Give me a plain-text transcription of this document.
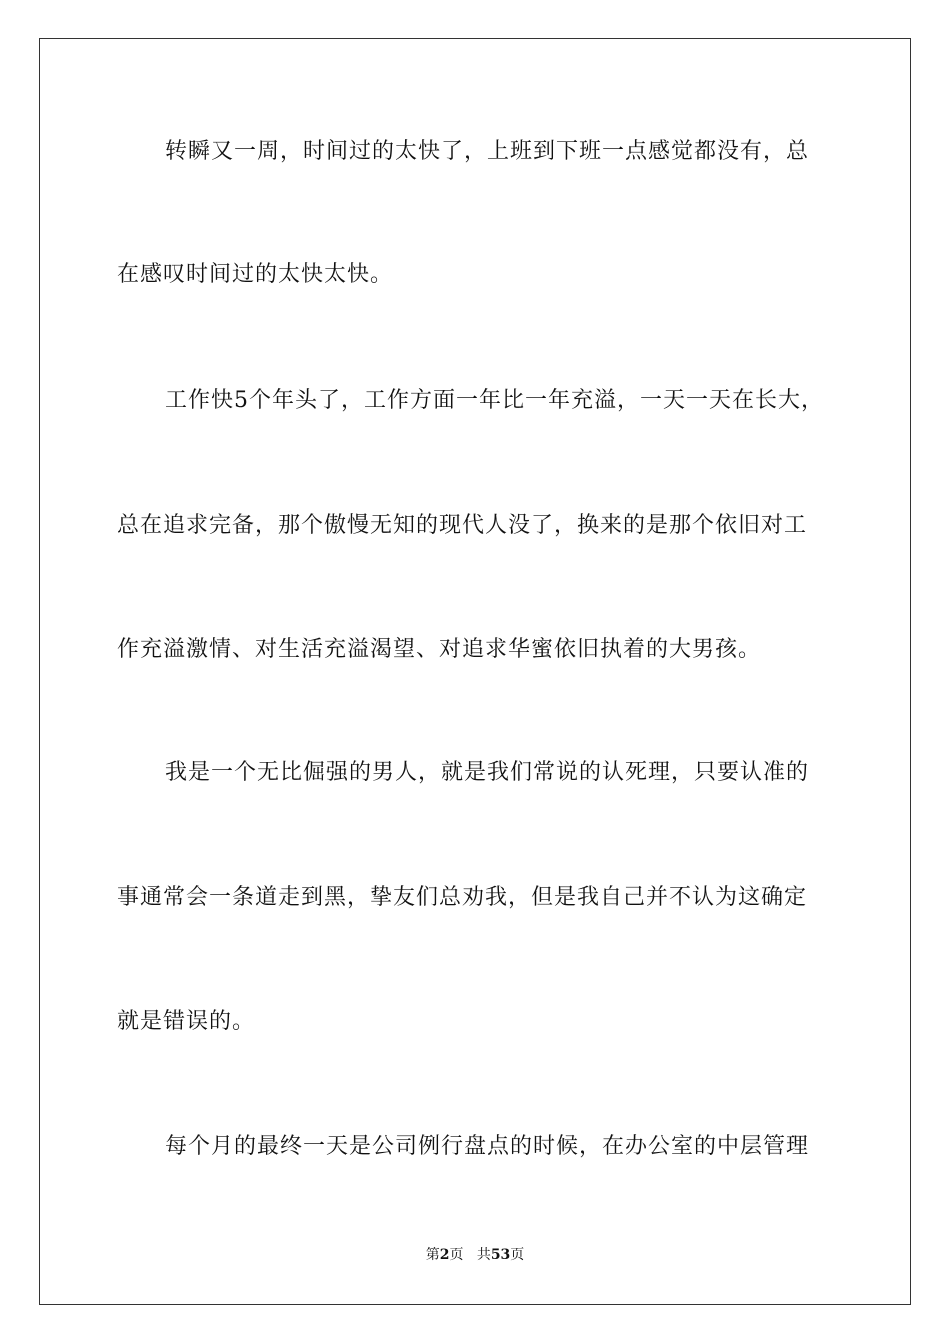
转瞬又一周，时间过的太快了，上班到下班一点感觉都没有，总
在感叹时间过的太快太快。
工作快5个年头了，工作方面一年比一年充溢，一天一天在长大，
总在追求完备，那个傲慢无知的现代人没了，换来的是那个依旧对工
作充溢激情、对生活充溢渴望、对追求华蜜依旧执着的大男孩。
我是一个无比倔强的男人，就是我们常说的认死理，只要认准的
事通常会一条道走到黑，挚友们总劝我，但是我自己并不认为这确定
就是错误的。
每个月的最终一天是公司例行盘点的时候，在办公室的中层管理
第2页 共53页
